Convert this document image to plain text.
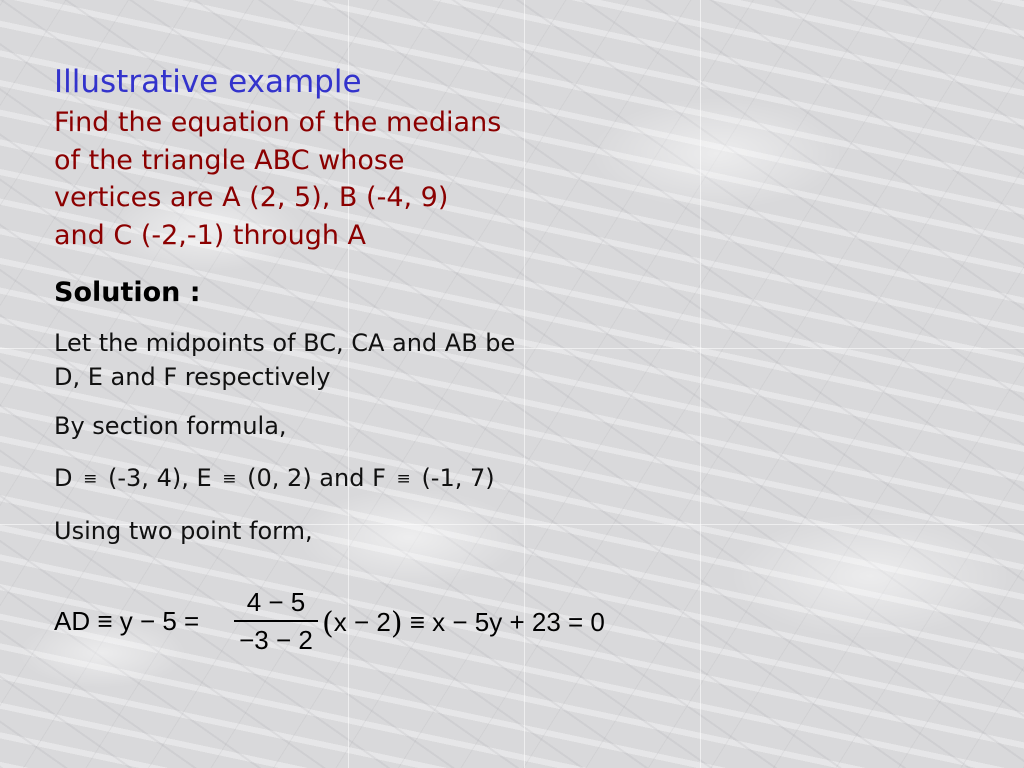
Illustrative example
Find the equation of the medians
of the triangle ABC whose
vertices are A (2, 5), B (-4, 9)
and C (-2,-1) through A
Solution :
Let the midpoints of BC, CA and AB be
D, E and F respectively
By section formula,
D ≡ (-3, 4), E ≡ (0, 2) and F ≡ (-1, 7)
Using two point form,
AD ≡ y − 5 =
4 − 5
−3 − 2 (x − 2) ≡ x − 5y + 23 = 0
